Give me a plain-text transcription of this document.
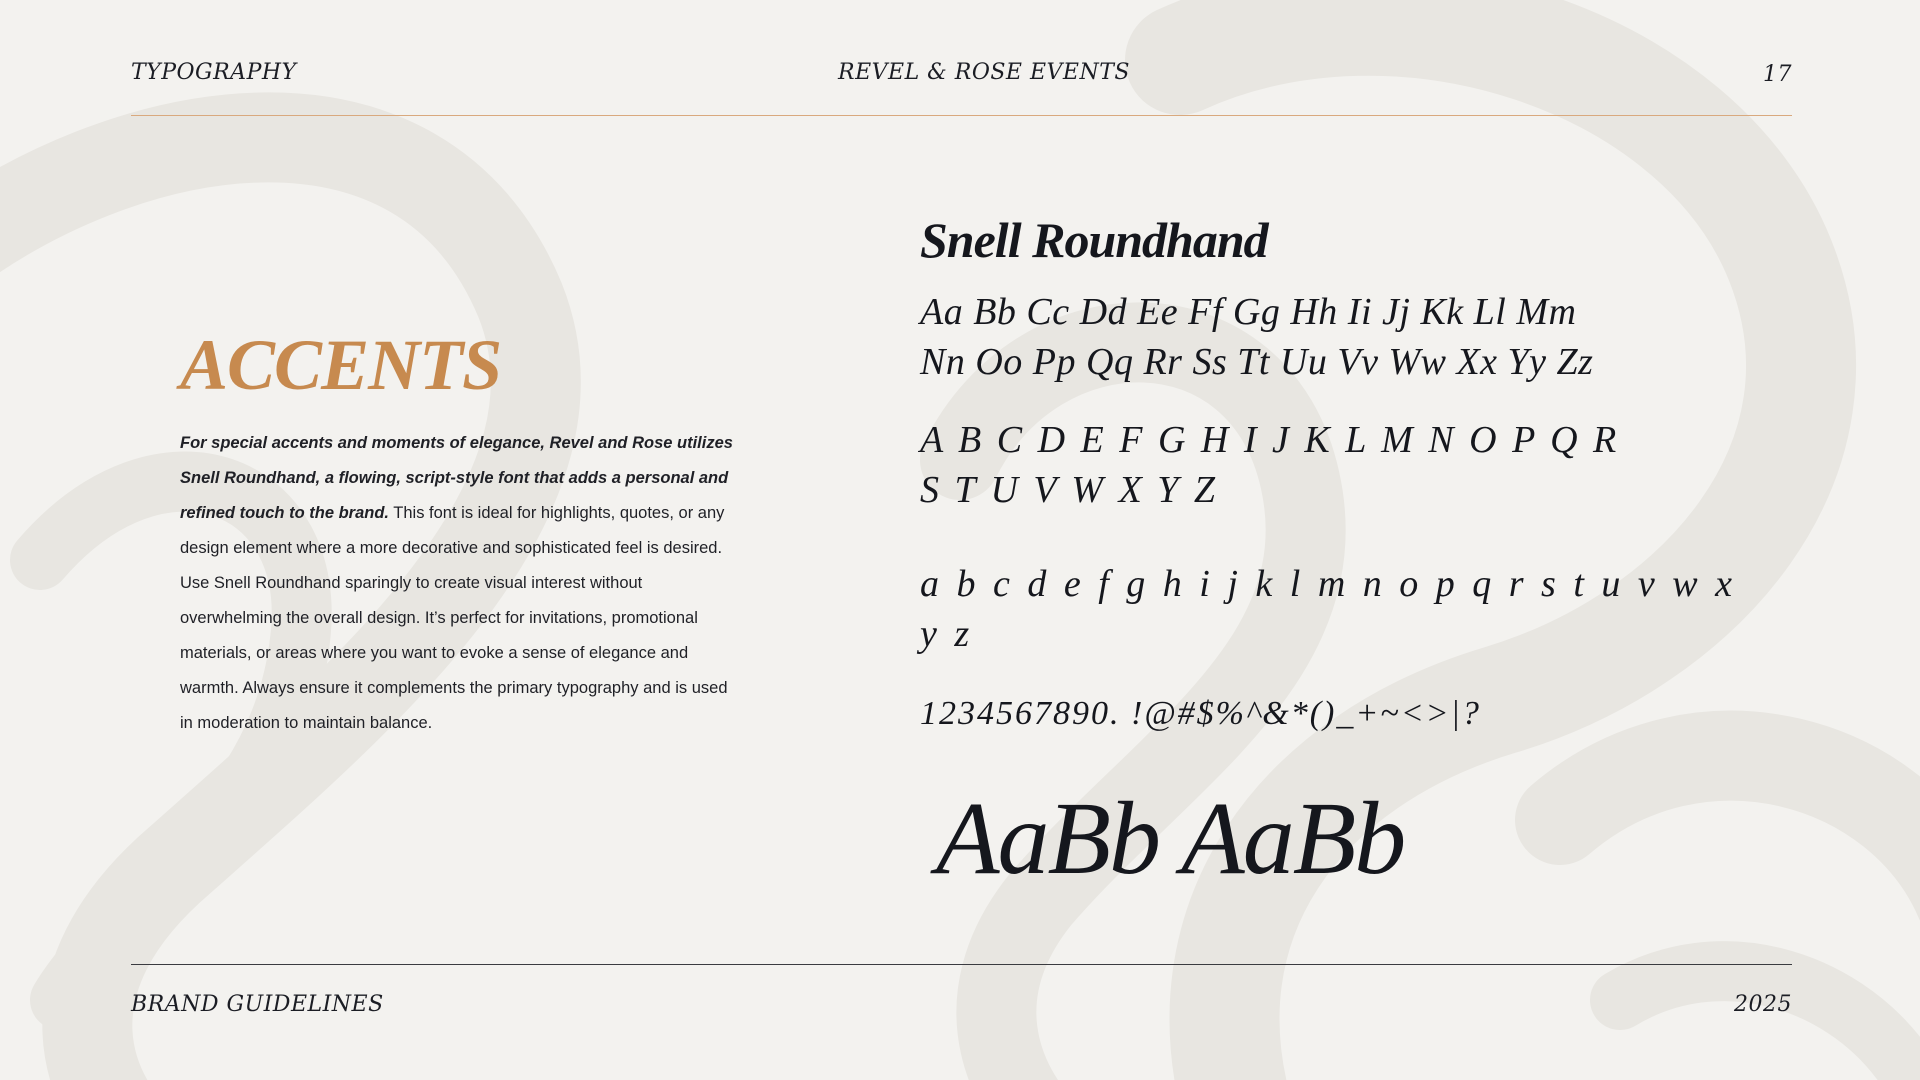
TYPOGRAPHY	REVEL & ROSE EVENTS	17
ACCENTS

For special accents and moments of elegance, Revel and Rose utilizes Snell Roundhand, a flowing, script-style font that adds a personal and refined touch to the brand. This font is ideal for highlights, quotes, or any design element where a more decorative and sophisticated feel is desired. Use Snell Roundhand sparingly to create visual interest without overwhelming the overall design. It’s perfect for invitations, promotional materials, or areas where you want to evoke a sense of elegance and warmth. Always ensure it complements the primary typography and is used in moderation to maintain balance.

Snell Roundhand
Aa Bb Cc Dd Ee Ff Gg Hh Ii Jj Kk Ll Mm
Nn Oo Pp Qq Rr Ss Tt Uu Vv Ww Xx Yy Zz
A B C D E F G H I J K L M N O P Q R
S T U V W X Y Z
a b c d e f g h i j k l m n o p q r s t u v w x y z
1234567890. !@#$%^&*()_+~<>|?
AaBb AaBb
BRAND GUIDELINES	2025
